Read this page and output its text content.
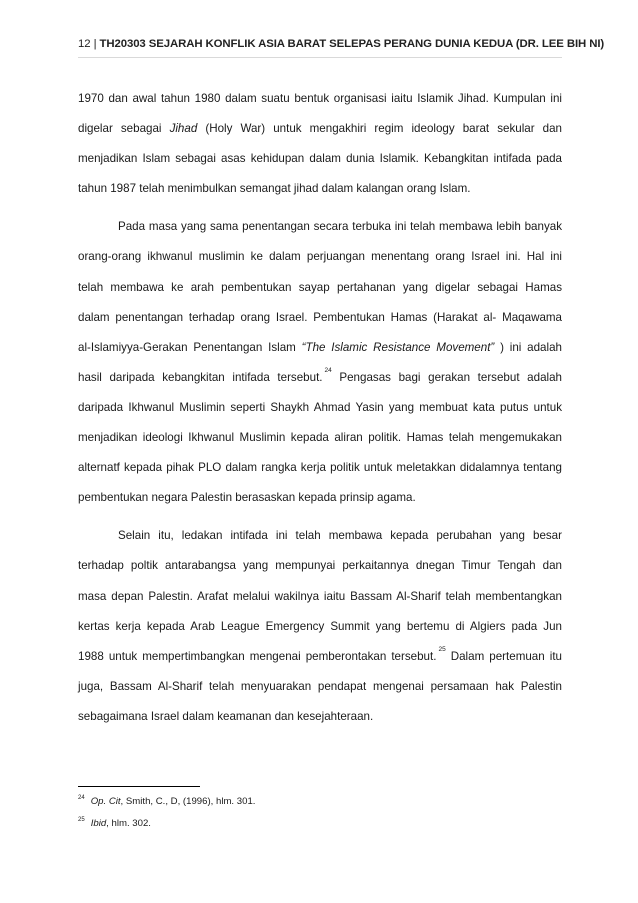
12 | TH20303 SEJARAH KONFLIK ASIA BARAT SELEPAS PERANG DUNIA KEDUA (DR. LEE BIH NI)
1970 dan awal tahun 1980 dalam suatu bentuk organisasi iaitu Islamik Jihad. Kumpulan ini
digelar sebagai Jihad (Holy War) untuk mengakhiri regim ideology barat sekular dan
menjadikan Islam sebagai asas kehidupan dalam dunia Islamik. Kebangkitan intifada pada
tahun 1987 telah menimbulkan semangat jihad dalam kalangan orang Islam.
Pada masa yang sama penentangan secara terbuka ini telah membawa lebih banyak
orang-orang ikhwanul muslimin ke dalam perjuangan menentang orang Israel ini. Hal ini
telah membawa ke arah pembentukan sayap pertahanan yang digelar sebagai Hamas
dalam penentangan terhadap orang Israel. Pembentukan Hamas (Harakat al- Maqawama
al-Islamiyya-Gerakan Penentangan Islam “The Islamic Resistance Movement” ) ini adalah
hasil daripada kebangkitan intifada tersebut.$^{24}$ Pengasas bagi gerakan tersebut adalah
daripada Ikhwanul Muslimin seperti Shaykh Ahmad Yasin yang membuat kata putus untuk
menjadikan ideologi Ikhwanul Muslimin kepada aliran politik. Hamas telah mengemukakan
alternatf kepada pihak PLO dalam rangka kerja politik untuk meletakkan didalamnya tentang
pembentukan negara Palestin berasaskan kepada prinsip agama.
Selain itu, ledakan intifada ini telah membawa kepada perubahan yang besar
terhadap poltik antarabangsa yang mempunyai perkaitannya dnegan Timur Tengah dan
masa depan Palestin. Arafat melalui wakilnya iaitu Bassam Al-Sharif telah membentangkan
kertas kerja kepada Arab League Emergency Summit yang bertemu di Algiers pada Jun
1988 untuk mempertimbangkan mengenai pemberontakan tersebut.$^{25}$ Dalam pertemuan itu
juga, Bassam Al-Sharif telah menyuarakan pendapat mengenai persamaan hak Palestin
sebagaimana Israel dalam keamanan dan kesejahteraan.
$^{24}$ Op. Cit, Smith, C., D, (1996), hlm. 301.
$^{25}$ Ibid, hlm. 302.
